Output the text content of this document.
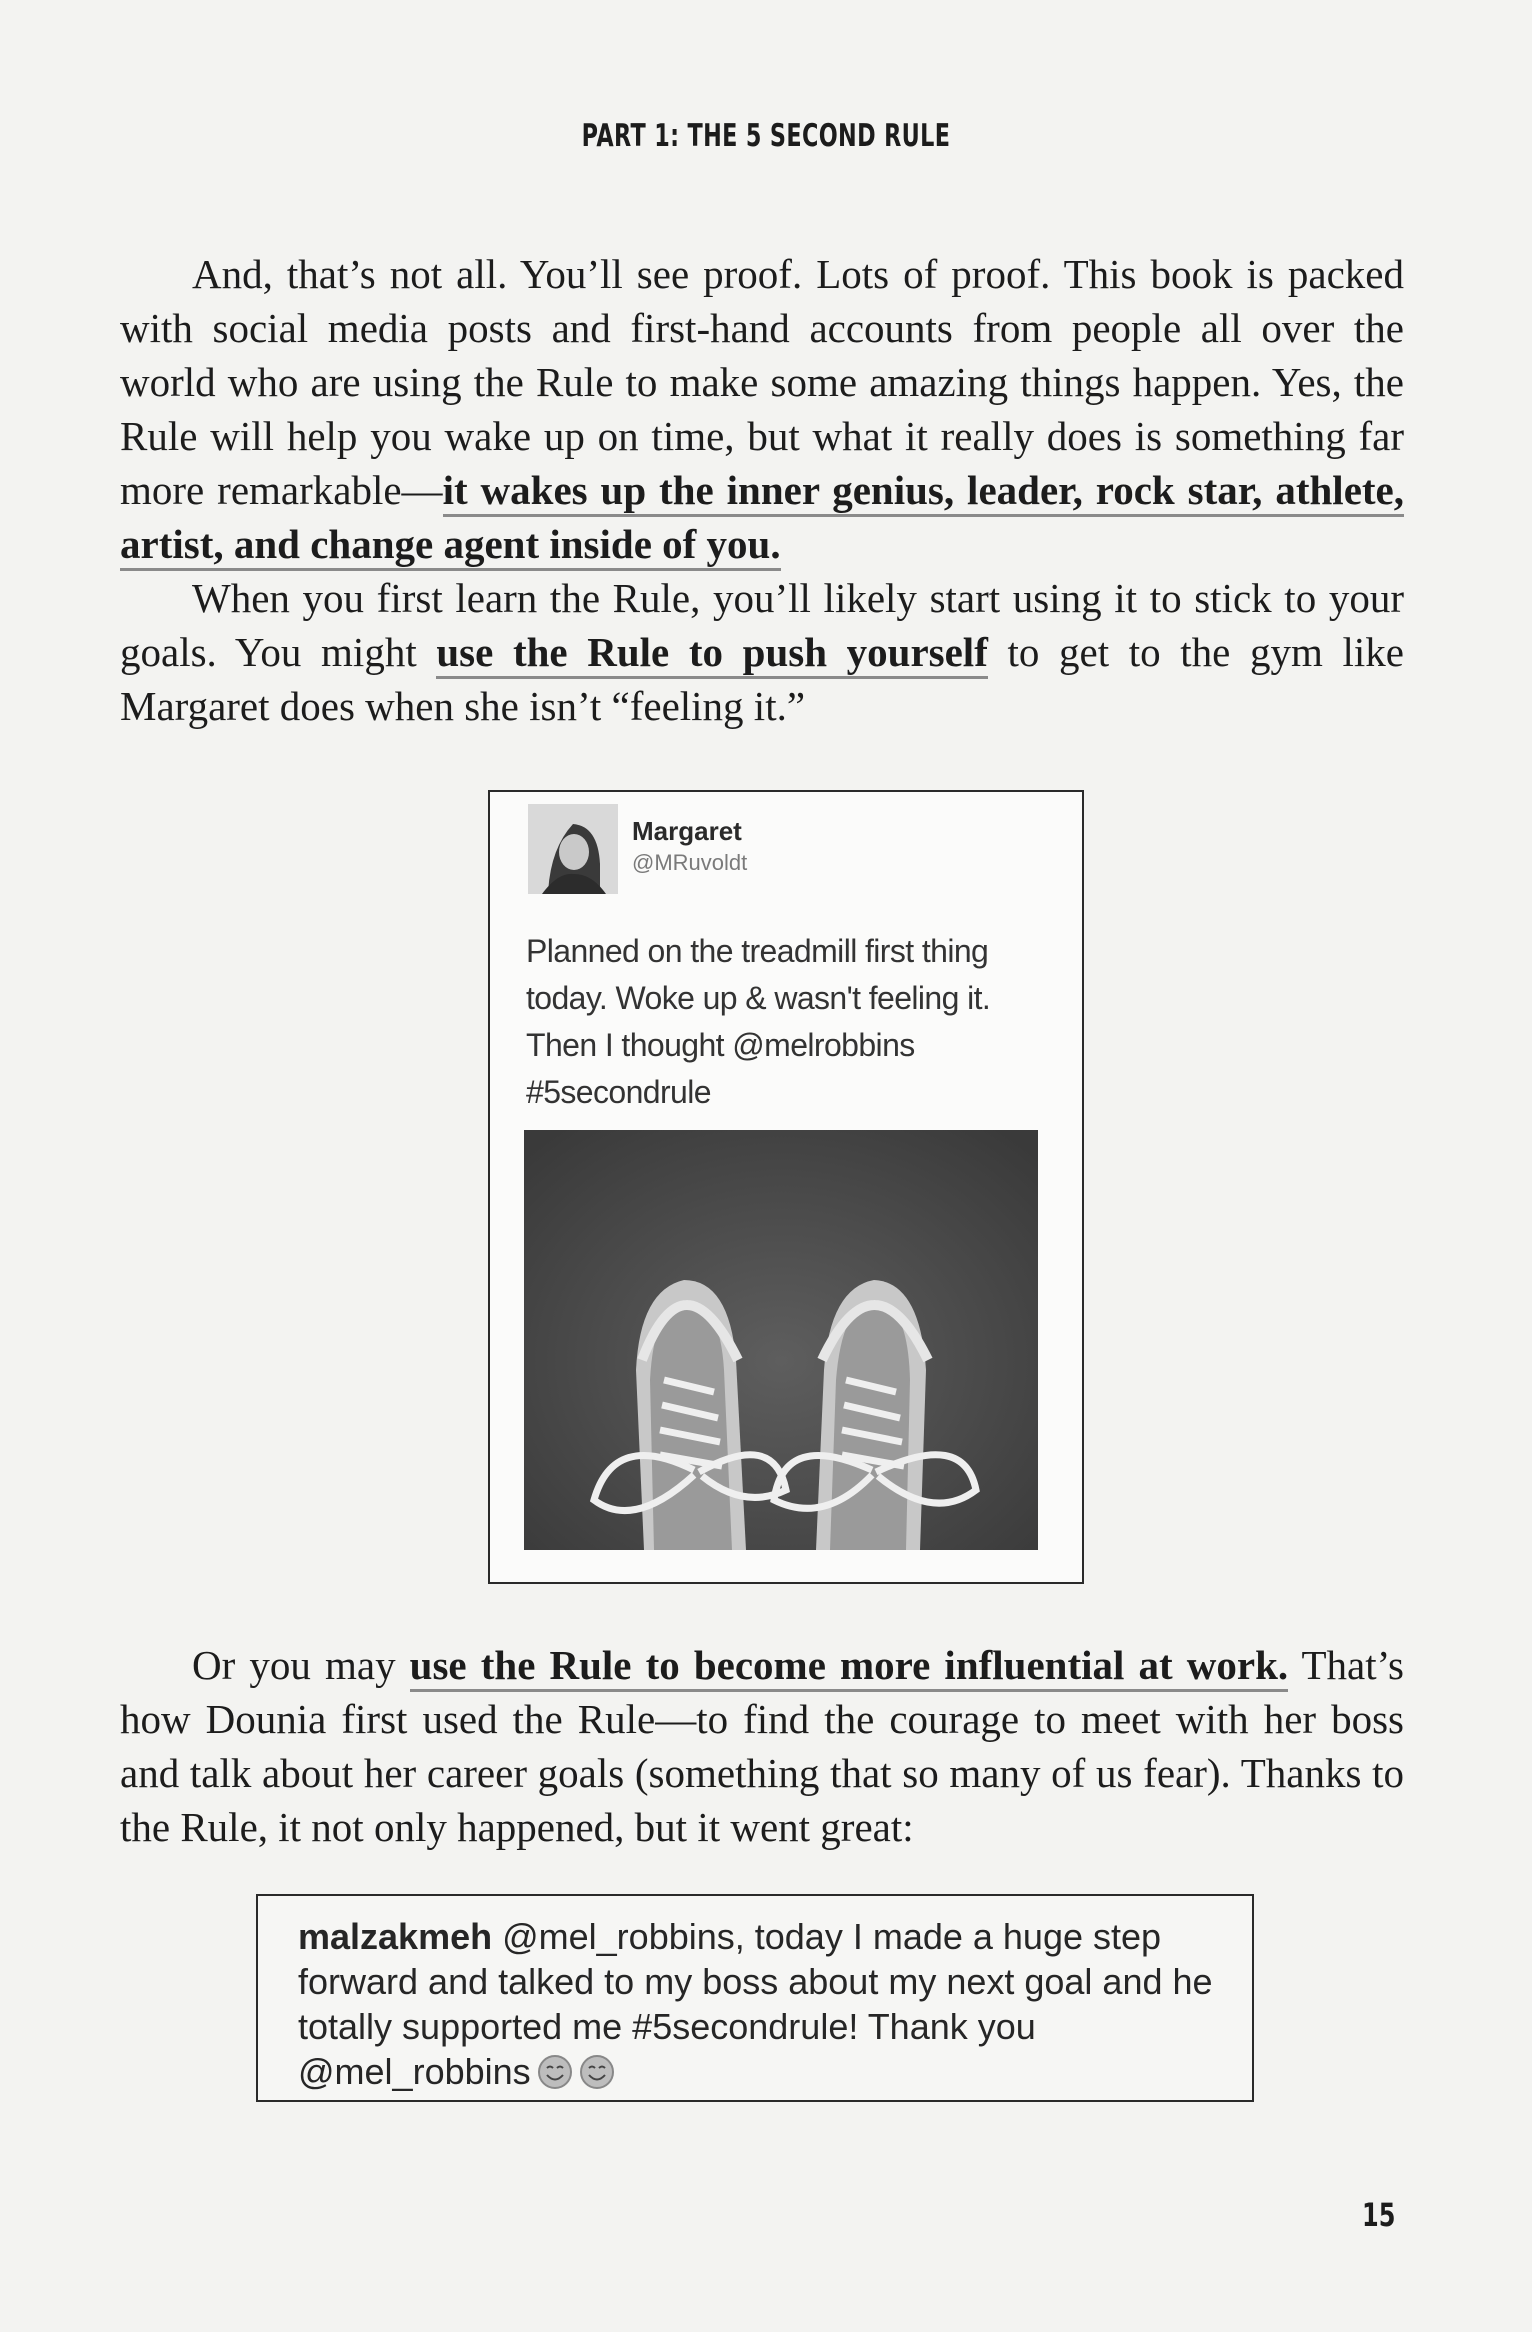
PART 1: THE 5 SECOND RULE

And, that’s not all. You’ll see proof. Lots of proof. This book is packed with social media posts and first-hand accounts from people all over the world who are using the Rule to make some amazing things happen. Yes, the Rule will help you wake up on time, but what it really does is something far more remarkable—it wakes up the inner genius, leader, rock star, athlete, artist, and change agent inside of you.

When you first learn the Rule, you’ll likely start using it to stick to your goals. You might use the Rule to push yourself to get to the gym like Margaret does when she isn’t “feeling it.”

Margaret
@MRuvoldt
Planned on the treadmill first thing
today. Woke up & wasn't feeling it.
Then I thought @melrobbins
#5secondrule

Or you may use the Rule to become more influential at work. That’s how Dounia first used the Rule—to find the courage to meet with her boss and talk about her career goals (something that so many of us fear). Thanks to the Rule, it not only happened, but it went great:

malzakmeh @mel_robbins, today I made a huge step forward and talked to my boss about my next goal and he totally supported me #5secondrule! Thank you @mel_robbins
15
